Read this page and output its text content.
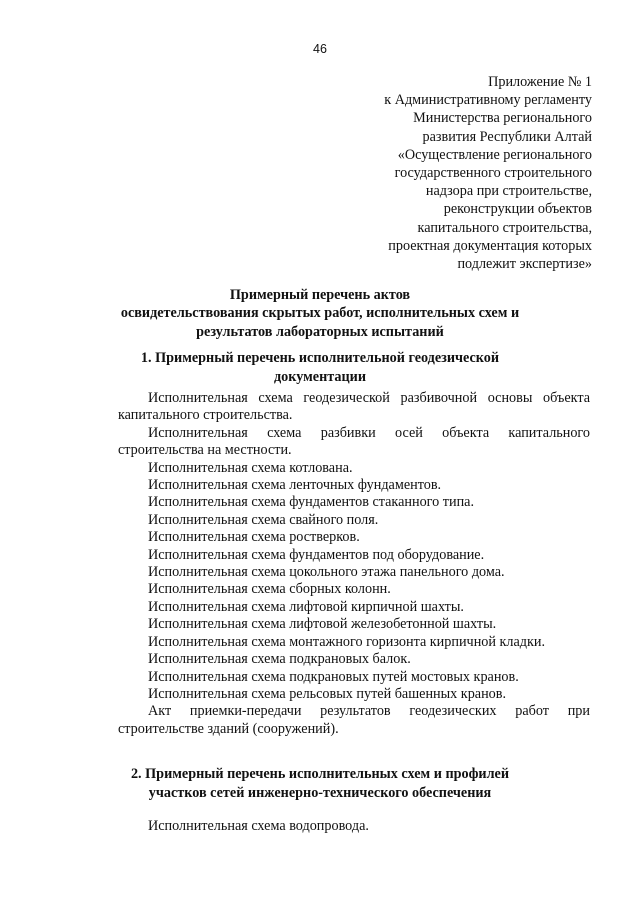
46
Приложение № 1
к Административному регламенту
Министерства регионального
развития Республики Алтай
«Осуществление регионального
государственного строительного
надзора при строительстве,
реконструкции объектов
капитального строительства,
проектная документация которых
подлежит экспертизе»
Примерный перечень актов
освидетельствования скрытых работ, исполнительных схем и
результатов лабораторных испытаний
1. Примерный перечень исполнительной геодезической
документации
Исполнительная схема геодезической разбивочной основы объекта
капитального строительства.
Исполнительная схема разбивки осей объекта капитального
строительства на местности.
Исполнительная схема котлована.
Исполнительная схема ленточных фундаментов.
Исполнительная схема фундаментов стаканного типа.
Исполнительная схема свайного поля.
Исполнительная схема ростверков.
Исполнительная схема фундаментов под оборудование.
Исполнительная схема цокольного этажа панельного дома.
Исполнительная схема сборных колонн.
Исполнительная схема лифтовой кирпичной шахты.
Исполнительная схема лифтовой железобетонной шахты.
Исполнительная схема монтажного горизонта кирпичной кладки.
Исполнительная схема подкрановых балок.
Исполнительная схема подкрановых путей мостовых кранов.
Исполнительная схема рельсовых путей башенных кранов.
Акт приемки-передачи результатов геодезических работ при
строительстве зданий (сооружений).
2. Примерный перечень исполнительных схем и профилей
участков сетей инженерно-технического обеспечения
Исполнительная схема водопровода.
